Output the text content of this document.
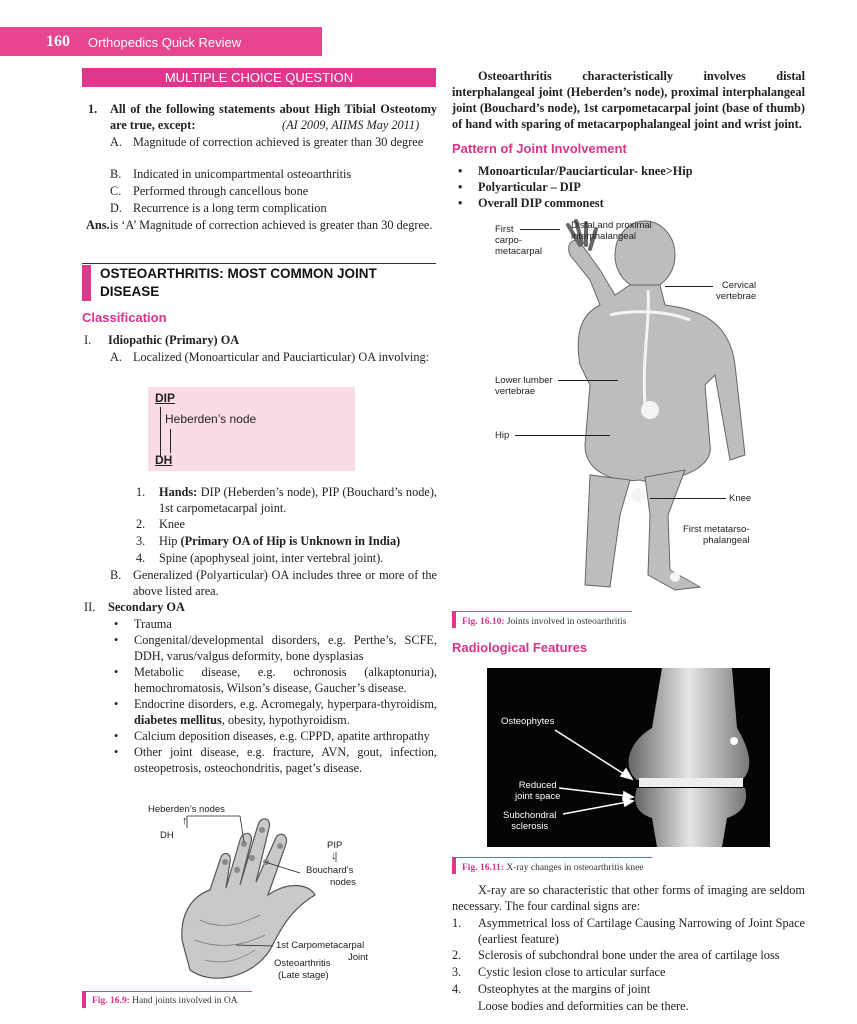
160 Orthopedics Quick Review
MULTIPLE CHOICE QUESTION
1. All of the following statements about High Tibial Osteotomy are true, except:	(AI 2009, AIIMS May 2011)
A. Magnitude of correction achieved is greater than 30 degree
B. Indicated in unicompartmental osteoarthritis
C. Performed through cancellous bone
D. Recurrence is a long term complication
Ans. is ‘A’ Magnitude of correction achieved is greater than 30 degree.
OSTEOARTHRITIS: MOST COMMON JOINT
DISEASE
Classification
I. Idiopathic (Primary) OA
A. Localized (Monoarticular and Pauciarticular) OA involving:
DIP
Heberden’s node
DH
1. Hands: DIP (Heberden’s node), PIP (Bouchard’s node), 1st carpometacarpal joint.
2. Knee
3. Hip (Primary OA of Hip is Unknown in India)
4. Spine (apophyseal joint, inter vertebral joint).
B. Generalized (Polyarticular) OA includes three or more of the above listed area.
II. Secondary OA
• Trauma
• Congenital/developmental disorders, e.g. Perthe’s, SCFE, DDH, varus/valgus deformity, bone dysplasias
• Metabolic disease, e.g. ochronosis (alkaptonuria), hemochromatosis, Wilson’s disease, Gaucher’s disease.
• Endocrine disorders, e.g. Acromegaly, hyperpara-thyroidism, diabetes mellitus, obesity, hypothyroidism.
• Calcium deposition diseases, e.g. CPPD, apatite arthropathy
• Other joint disease, e.g. fracture, AVN, gout, infection, osteopetrosis, osteochondritis, paget’s disease.
Heberden’s nodes
↑
DH
PIP
↓
Bouchard’s
nodes
1st Carpometacarpal
Joint
Osteoarthritis
(Late stage)
Fig. 16.9: Hand joints involved in OA
Osteoarthritis characteristically involves distal interphalangeal joint (Heberden’s node), proximal interphalangeal joint (Bouchard’s node), 1st carpometacarpal joint (base of thumb) of hand with sparing of metacarpophalangeal joint and wrist joint.
Pattern of Joint Involvement
• Monoarticular/Pauciarticular- knee>Hip
• Polyarticular – DIP
• Overall DIP commonest
First
carpo-
metacarpal
Distal and proximal
interphalangeal
Cervical
vertebrae
Lower lumber
vertebrae
Hip
Knee
First metatarso-
phalangeal
Fig. 16.10: Joints involved in osteoarthritis
Radiological Features
Osteophytes
Reduced
joint space
Subchondral
sclerosis
Fig. 16.11: X-ray changes in osteoarthritis knee
X-ray are so characteristic that other forms of imaging are seldom necessary. The four cardinal signs are:
1. Asymmetrical loss of Cartilage Causing Narrowing of Joint Space (earliest feature)
2. Sclerosis of subchondral bone under the area of cartilage loss
3. Cystic lesion close to articular surface
4. Osteophytes at the margins of joint
Loose bodies and deformities can be there.
